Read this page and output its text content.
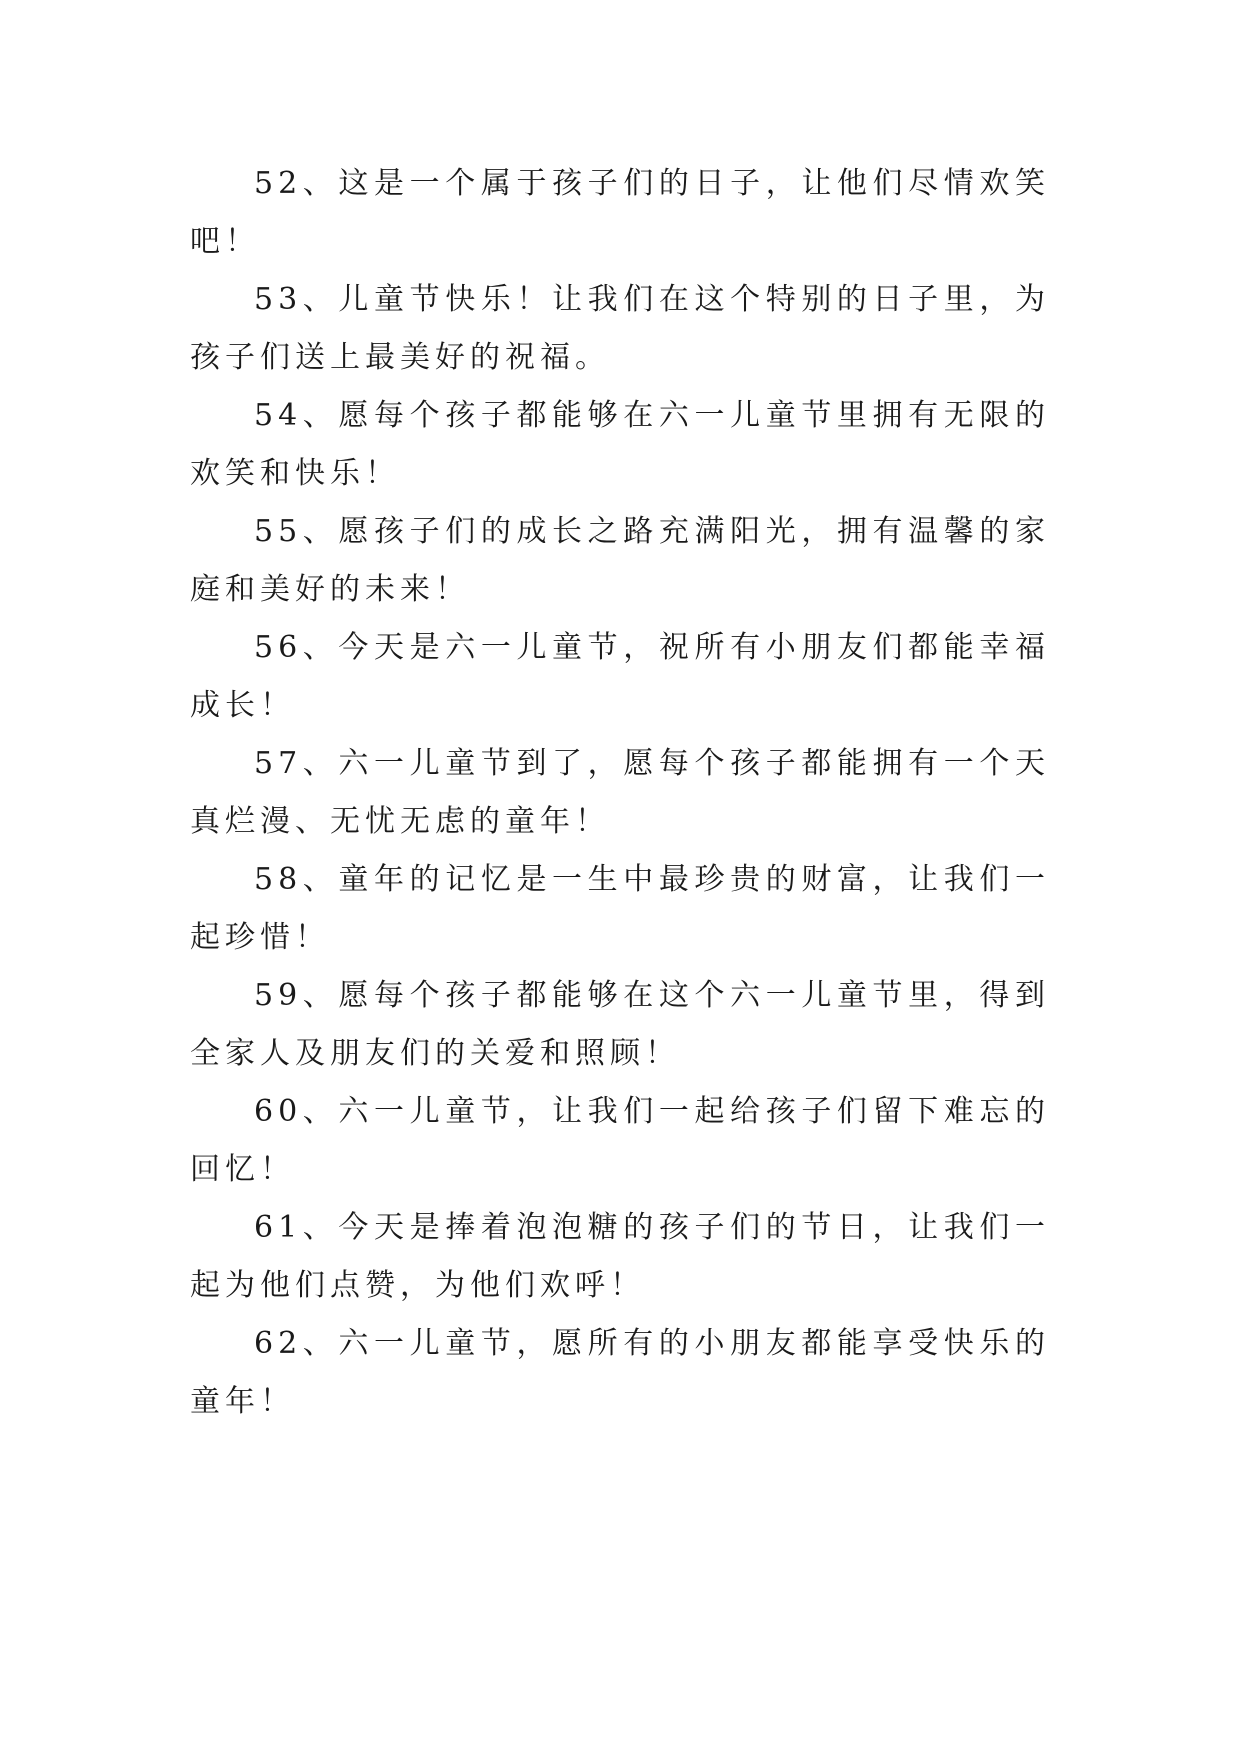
52、这是一个属于孩子们的日子，让他们尽情欢笑吧！

53、儿童节快乐！让我们在这个特别的日子里，为孩子们送上最美好的祝福。

54、愿每个孩子都能够在六一儿童节里拥有无限的欢笑和快乐！

55、愿孩子们的成长之路充满阳光，拥有温馨的家庭和美好的未来！

56、今天是六一儿童节，祝所有小朋友们都能幸福成长！

57、六一儿童节到了，愿每个孩子都能拥有一个天真烂漫、无忧无虑的童年！

58、童年的记忆是一生中最珍贵的财富，让我们一起珍惜！

59、愿每个孩子都能够在这个六一儿童节里，得到全家人及朋友们的关爱和照顾！

60、六一儿童节，让我们一起给孩子们留下难忘的回忆！

61、今天是捧着泡泡糖的孩子们的节日，让我们一起为他们点赞，为他们欢呼！

62、六一儿童节，愿所有的小朋友都能享受快乐的童年！
